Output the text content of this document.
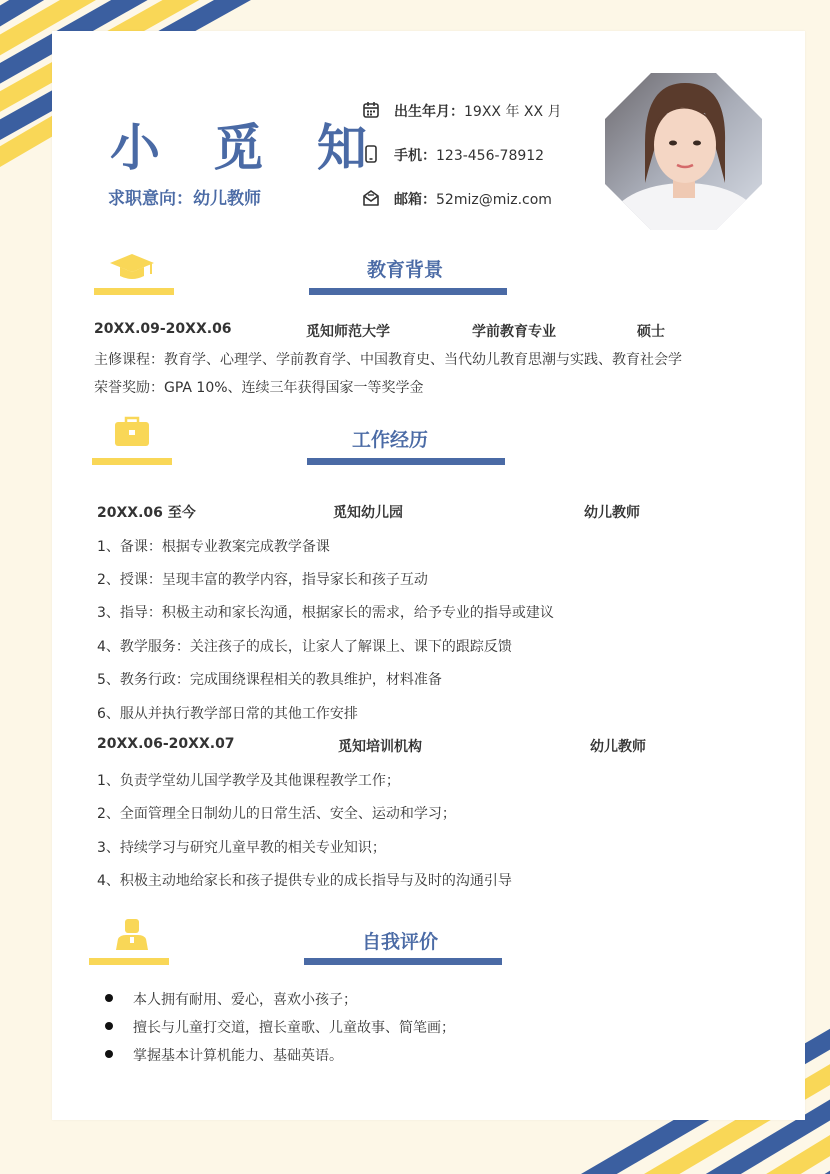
小 觅 知
求职意向：幼儿教师
出生年月：19XX 年 XX 月
手机：123-456-78912
邮箱：52miz@miz.com
教育背景
20XX.09-20XX.06	觅知师范大学	学前教育专业	硕士
主修课程：教育学、心理学、学前教育学、中国教育史、当代幼儿教育思潮与实践、教育社会学
荣誉奖励：GPA 10%、连续三年获得国家一等奖学金
工作经历
20XX.06 至今	觅知幼儿园	幼儿教师
1、备课：根据专业教案完成教学备课
2、授课：呈现丰富的教学内容，指导家长和孩子互动
3、指导：积极主动和家长沟通，根据家长的需求，给予专业的指导或建议
4、教学服务：关注孩子的成长，让家人了解课上、课下的跟踪反馈
5、教务行政：完成围绕课程相关的教具维护，材料准备
6、服从并执行教学部日常的其他工作安排
20XX.06-20XX.07	觅知培训机构	幼儿教师
1、负责学堂幼儿国学教学及其他课程教学工作；
2、全面管理全日制幼儿的日常生活、安全、运动和学习；
3、持续学习与研究儿童早教的相关专业知识；
4、积极主动地给家长和孩子提供专业的成长指导与及时的沟通引导
自我评价
本人拥有耐用、爱心，喜欢小孩子；
擅长与儿童打交道，擅长童歌、儿童故事、简笔画；
掌握基本计算机能力、基础英语。
